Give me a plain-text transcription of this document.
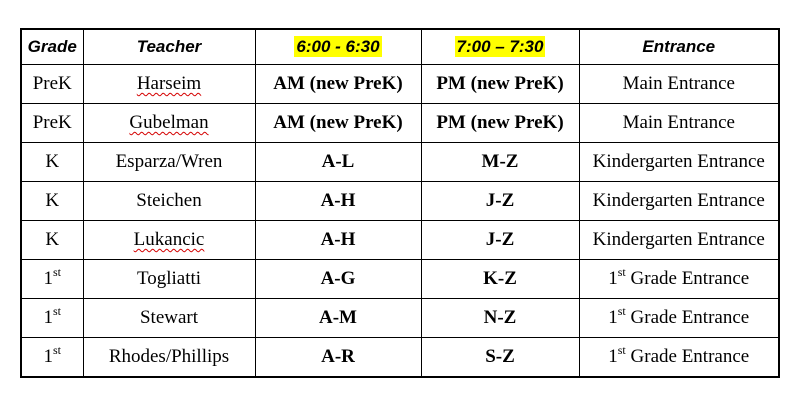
Grade	Teacher	6:00 - 6:30	7:00 – 7:30	Entrance
PreK	Harseim	AM (new PreK)	PM (new PreK)	Main Entrance
PreK	Gubelman	AM (new PreK)	PM (new PreK)	Main Entrance
K	Esparza/Wren	A-L	M-Z	Kindergarten Entrance
K	Steichen	A-H	J-Z	Kindergarten Entrance
K	Lukancic	A-H	J-Z	Kindergarten Entrance
1st	Togliatti	A-G	K-Z	1st Grade Entrance
1st	Stewart	A-M	N-Z	1st Grade Entrance
1st	Rhodes/Phillips	A-R	S-Z	1st Grade Entrance
